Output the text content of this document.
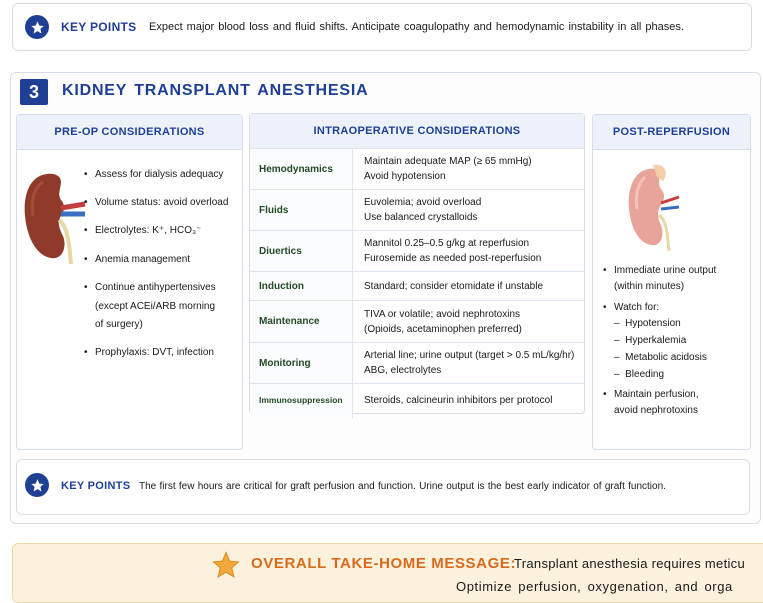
KEY POINTS Expect major blood loss and fluid shifts. Anticipate coagulopathy and hemodynamic instability in all phases.
3	KIDNEY TRANSPLANT ANESTHESIA
PRE-OP CONSIDERATIONS
• Assess for dialysis adequacy
• Volume status: avoid overload
• Electrolytes: K⁺, HCO₃⁻
• Anemia management
• Continue antihypertensives
(except ACEi/ARB morning
of surgery)
• Prophylaxis: DVT, infection
INTRAOPERATIVE CONSIDERATIONS
Hemodynamics	Maintain adequate MAP (≥ 65 mmHg)
Avoid hypotension

Fluids	Euvolemia; avoid overload
Use balanced crystalloids

Diuertics	Mannitol 0.25–0.5 g/kg at reperfusion
Furosemide as needed post-reperfusion

Induction	Standard; consider etomidate if unstable

Maintenance	TIVA or volatile; avoid nephrotoxins
(Opioids, acetaminophen preferred)

Monitoring	Arterial line; urine output (target > 0.5 mL/kg/hr)
ABG, electrolytes

Immunosuppression	Steroids, calcineurin inhibitors per protocol
POST-REPERFUSION
• Immediate urine output
(within minutes)
• Watch for:
–  Hypotension
–  Hyperkalemia
–  Metabolic acidosis
–  Bleeding
• Maintain perfusion,
avoid nephrotoxins
KEY POINTS The first few hours are critical for graft perfusion and function. Urine output is the best early indicator of graft function.
OVERALL TAKE-HOME MESSAGE:
Transplant anesthesia requires meticu
Optimize perfusion, oxygenation, and orga
